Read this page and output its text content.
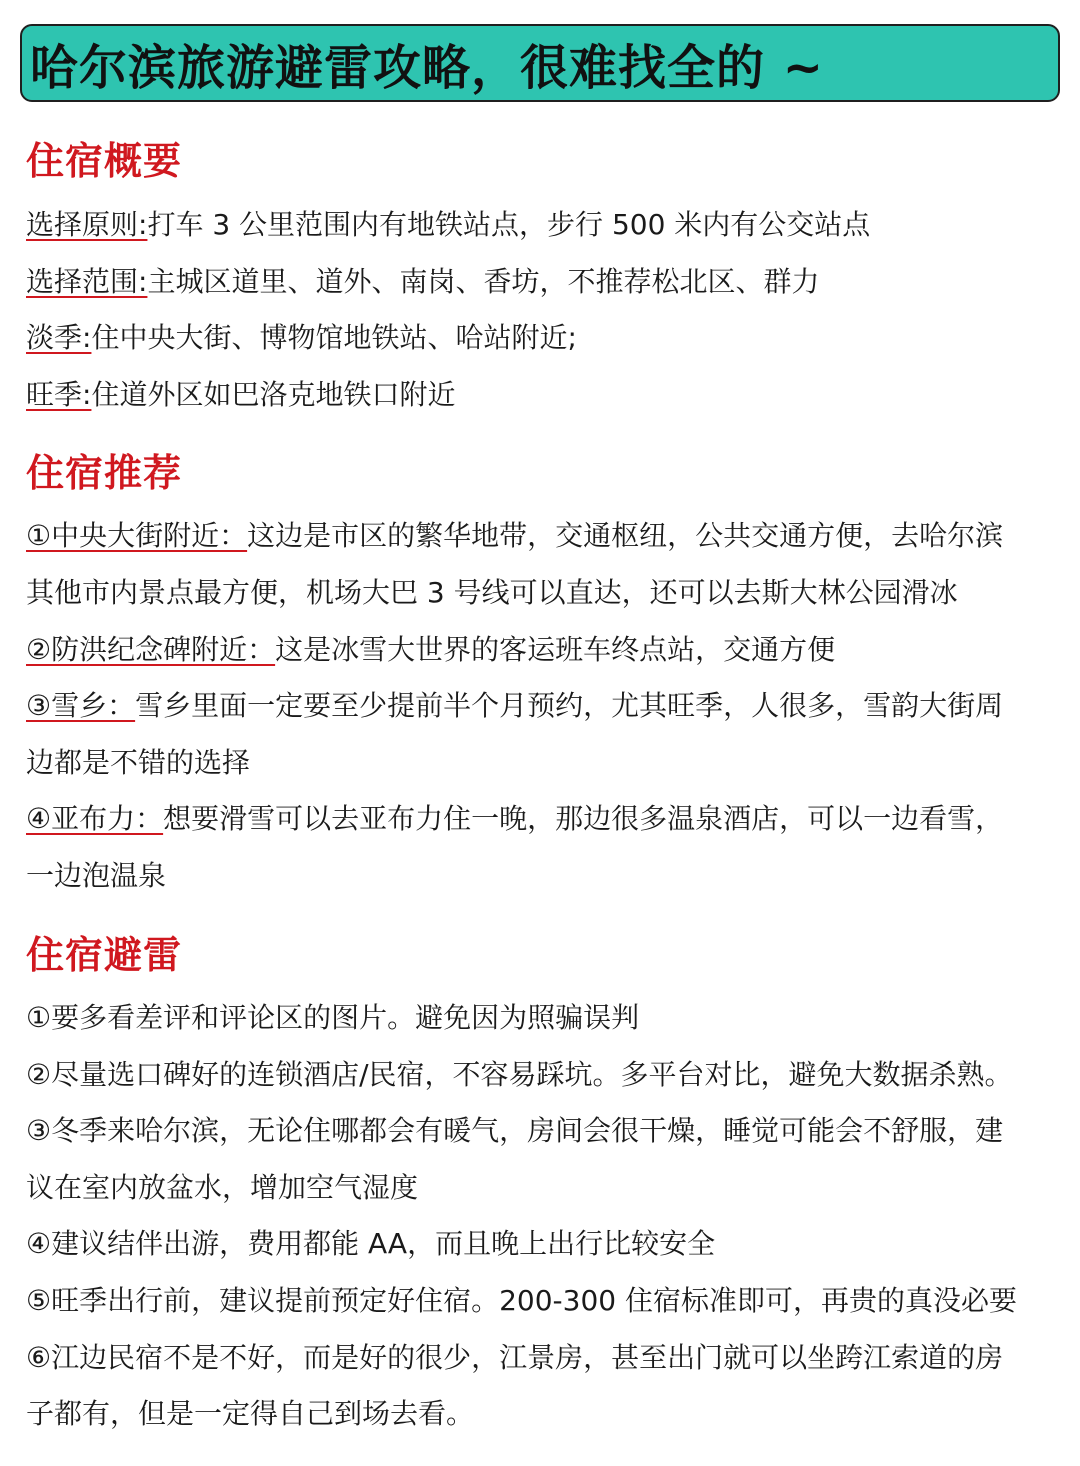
哈尔滨旅游避雷攻略，很难找全的 ~
住宿概要
选择原则:打车 3 公里范围内有地铁站点，步行 500 米内有公交站点
选择范围:主城区道里、道外、南岗、香坊，不推荐松北区、群力
淡季:住中央大街、博物馆地铁站、哈站附近;
旺季:住道外区如巴洛克地铁口附近
住宿推荐
①中央大街附近：这边是市区的繁华地带，交通枢纽，公共交通方便，去哈尔滨
其他市内景点最方便，机场大巴 3 号线可以直达，还可以去斯大林公园滑冰
②防洪纪念碑附近：这是冰雪大世界的客运班车终点站，交通方便
③雪乡：雪乡里面一定要至少提前半个月预约，尤其旺季，人很多，雪韵大街周
边都是不错的选择
④亚布力：想要滑雪可以去亚布力住一晚，那边很多温泉酒店，可以一边看雪，
一边泡温泉
住宿避雷
①要多看差评和评论区的图片。避免因为照骗误判
②尽量选口碑好的连锁酒店/民宿，不容易踩坑。多平台对比，避免大数据杀熟。
③冬季来哈尔滨，无论住哪都会有暖气，房间会很干燥，睡觉可能会不舒服，建
议在室内放盆水，增加空气湿度
④建议结伴出游，费用都能 AA，而且晚上出行比较安全
⑤旺季出行前，建议提前预定好住宿。200-300 住宿标准即可，再贵的真没必要
⑥江边民宿不是不好，而是好的很少，江景房，甚至出门就可以坐跨江索道的房
子都有，但是一定得自己到场去看。
